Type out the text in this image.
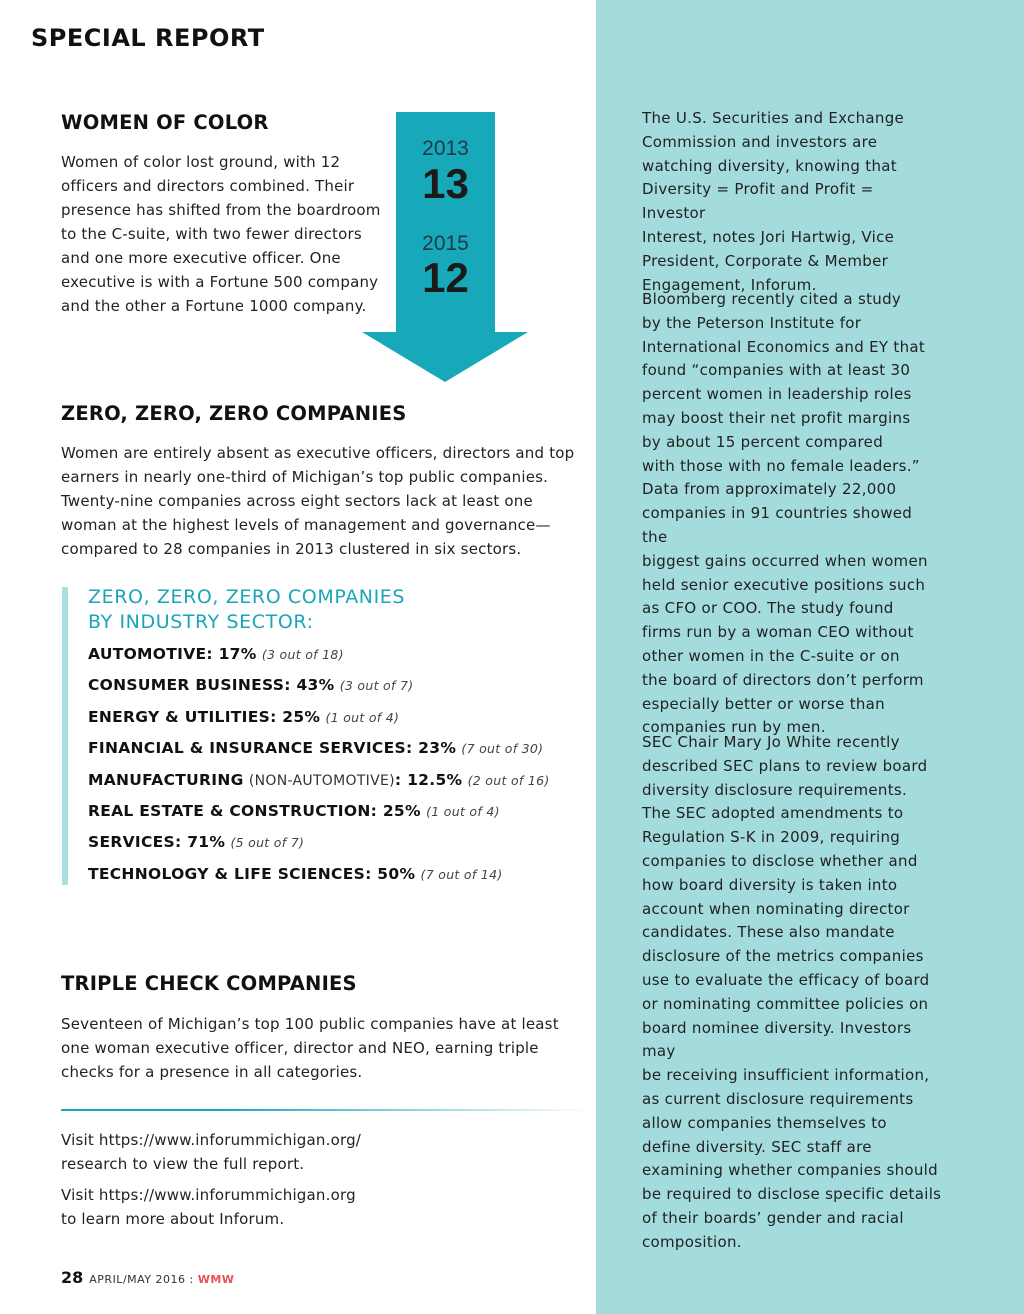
SPECIAL REPORT
WOMEN OF COLOR

Women of color lost ground, with 12
officers and directors combined. Their
presence has shifted from the boardroom
to the C-suite, with two fewer directors
and one more executive officer. One
executive is with a Fortune 500 company
and the other a Fortune 1000 company.

2013
13
2015
12
ZERO, ZERO, ZERO COMPANIES

Women are entirely absent as executive officers, directors and top
earners in nearly one-third of Michigan’s top public companies.
Twenty-nine companies across eight sectors lack at least one
woman at the highest levels of management and governance—
compared to 28 companies in 2013 clustered in six sectors.

ZERO, ZERO, ZERO COMPANIES
BY INDUSTRY SECTOR:
AUTOMOTIVE: 17% (3 out of 18)
CONSUMER BUSINESS: 43% (3 out of 7)
ENERGY & UTILITIES: 25% (1 out of 4)
FINANCIAL & INSURANCE SERVICES: 23% (7 out of 30)
MANUFACTURING (NON-AUTOMOTIVE): 12.5% (2 out of 16)
REAL ESTATE & CONSTRUCTION: 25% (1 out of 4)
SERVICES: 71% (5 out of 7)
TECHNOLOGY & LIFE SCIENCES: 50% (7 out of 14)
TRIPLE CHECK COMPANIES

Seventeen of Michigan’s top 100 public companies have at least
one woman executive officer, director and NEO, earning triple
checks for a presence in all categories.

Visit https://www.inforummichigan.org/
research to view the full report.

Visit https://www.inforummichigan.org
to learn more about Inforum.

The U.S. Securities and Exchange
Commission and investors are
watching diversity, knowing that
Diversity = Profit and Profit = Investor
Interest, notes Jori Hartwig, Vice
President, Corporate & Member
Engagement, Inforum.

Bloomberg recently cited a study
by the Peterson Institute for
International Economics and EY that
found “companies with at least 30
percent women in leadership roles
may boost their net profit margins
by about 15 percent compared
with those with no female leaders.”
Data from approximately 22,000
companies in 91 countries showed the
biggest gains occurred when women
held senior executive positions such
as CFO or COO. The study found
firms run by a woman CEO without
other women in the C-suite or on
the board of directors don’t perform
especially better or worse than
companies run by men.

SEC Chair Mary Jo White recently
described SEC plans to review board
diversity disclosure requirements.
The SEC adopted amendments to
Regulation S-K in 2009, requiring
companies to disclose whether and
how board diversity is taken into
account when nominating director
candidates. These also mandate
disclosure of the metrics companies
use to evaluate the efficacy of board
or nominating committee policies on
board nominee diversity. Investors may
be receiving insufficient information,
as current disclosure requirements
allow companies themselves to
define diversity. SEC staff are
examining whether companies should
be required to disclose specific details
of their boards’ gender and racial
composition.

28 APRIL/MAY 2016 : WMW
